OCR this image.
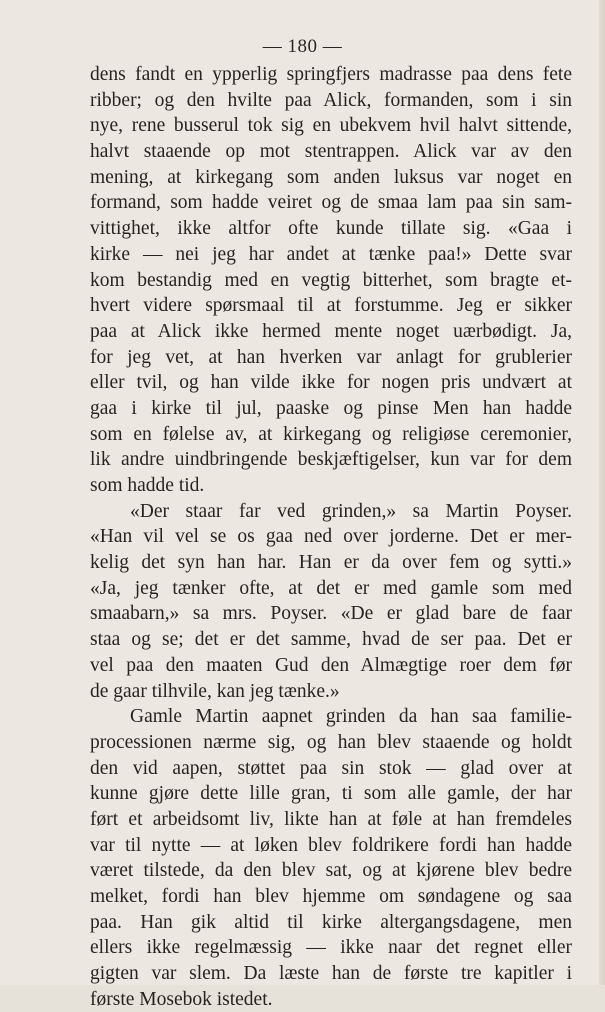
— 180 —
dens fandt en ypperlig springfjers madrasse paa dens fete
ribber; og den hvilte paa Alick, formanden, som i sin
nye, rene busserul tok sig en ubekvem hvil halvt sittende,
halvt staaende op mot stentrappen. Alick var av den
mening, at kirkegang som anden luksus var noget en
formand, som hadde veiret og de smaa lam paa sin sam-
vittighet, ikke altfor ofte kunde tillate sig. «Gaa i
kirke — nei jeg har andet at tænke paa!» Dette svar
kom bestandig med en vegtig bitterhet, som bragte et-
hvert videre spørsmaal til at forstumme. Jeg er sikker
paa at Alick ikke hermed mente noget uærbødigt. Ja,
for jeg vet, at han hverken var anlagt for grublerier
eller tvil, og han vilde ikke for nogen pris undvært at
gaa i kirke til jul, paaske og pinse Men han hadde
som en følelse av, at kirkegang og religiøse ceremonier,
lik andre uindbringende beskjæftigelser, kun var for dem
som hadde tid.
«Der staar far ved grinden,» sa Martin Poyser.
«Han vil vel se os gaa ned over jorderne. Det er mer-
kelig det syn han har. Han er da over fem og sytti.»
«Ja, jeg tænker ofte, at det er med gamle som med
smaabarn,» sa mrs. Poyser. «De er glad bare de faar
staa og se; det er det samme, hvad de ser paa. Det er
vel paa den maaten Gud den Almægtige roer dem før
de gaar tilhvile, kan jeg tænke.»
Gamle Martin aapnet grinden da han saa familie-
processionen nærme sig, og han blev staaende og holdt
den vid aapen, støttet paa sin stok — glad over at
kunne gjøre dette lille gran, ti som alle gamle, der har
ført et arbeidsomt liv, likte han at føle at han fremdeles
var til nytte — at løken blev foldrikere fordi han hadde
været tilstede, da den blev sat, og at kjørene blev bedre
melket, fordi han blev hjemme om søndagene og saa
paa. Han gik altid til kirke altergangsdagene, men
ellers ikke regelmæssig — ikke naar det regnet eller
gigten var slem. Da læste han de første tre kapitler i
første Mosebok istedet.
